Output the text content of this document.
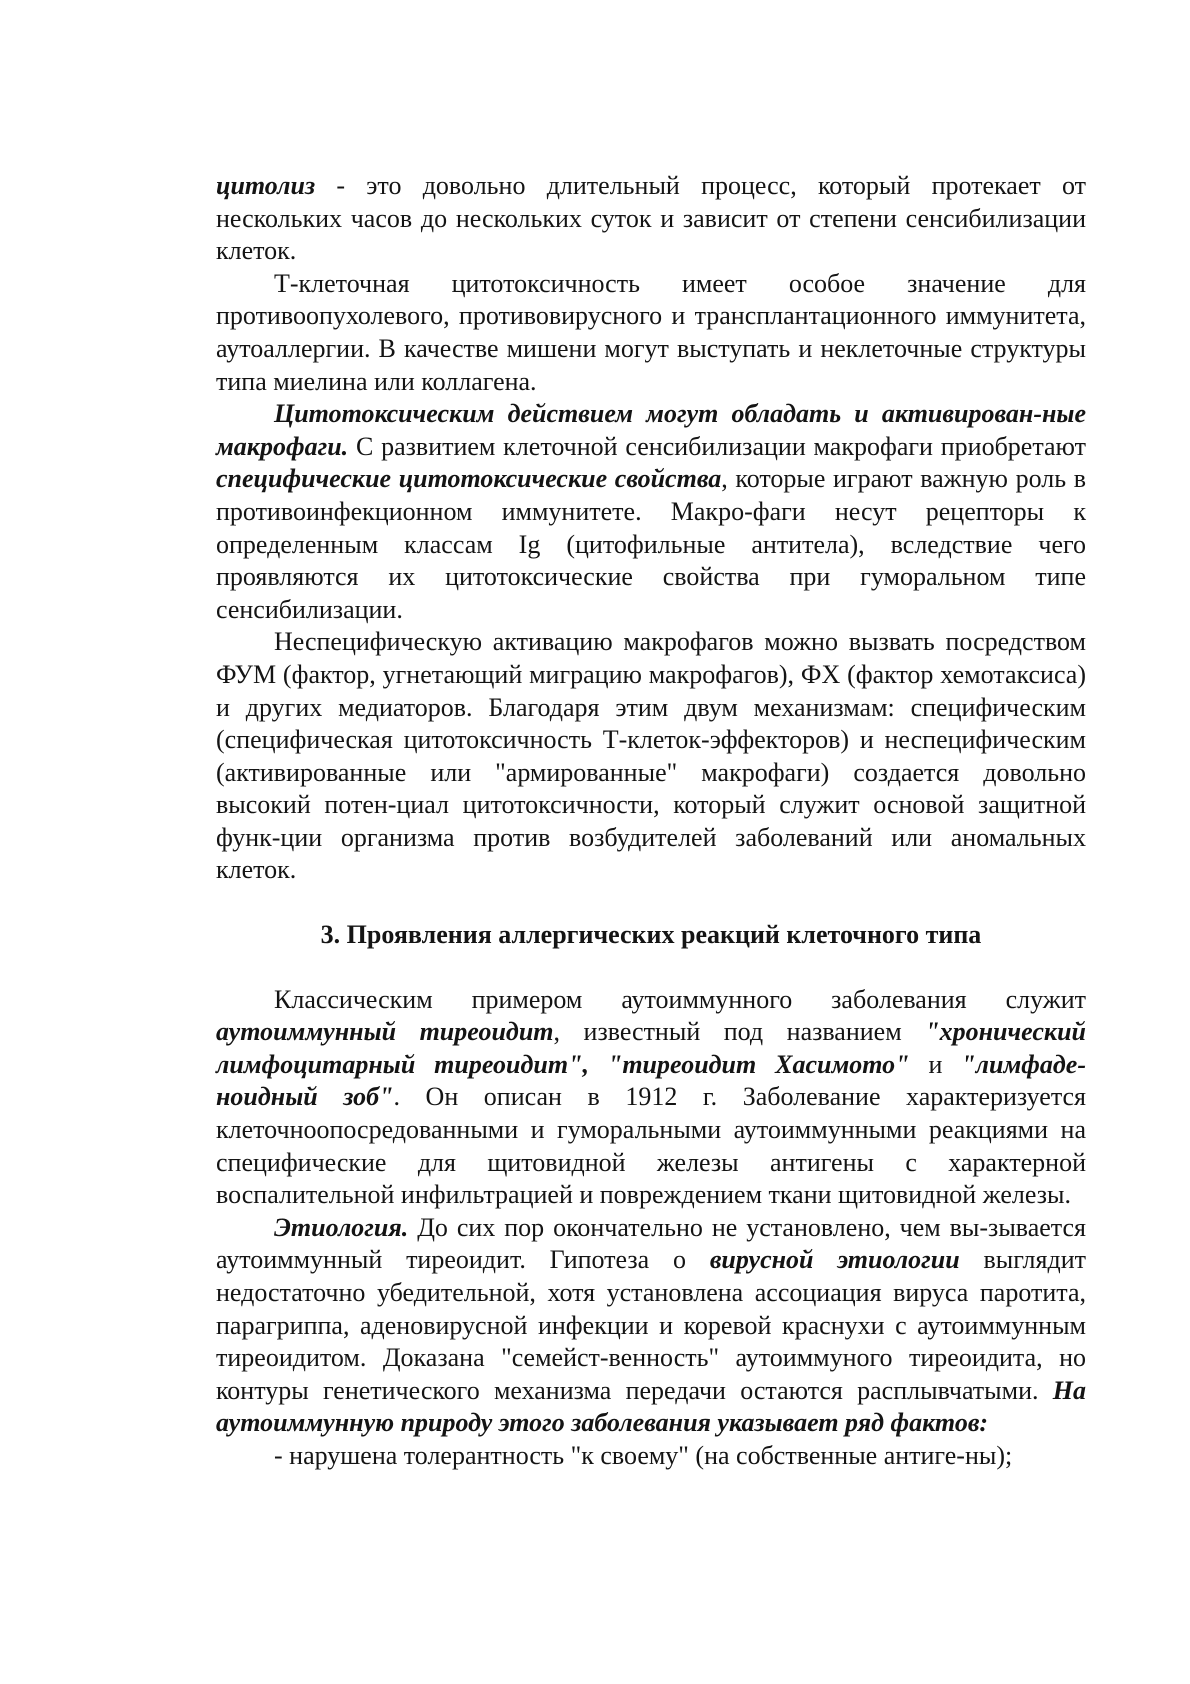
цитолиз - это довольно длительный процесс, который протекает от нескольких часов до нескольких суток и зависит от степени сенсибилизации клеток.

Т-клеточная цитотоксичность имеет особое значение для противоопухолевого, противовирусного и трансплантационного иммунитета, аутоаллергии. В качестве мишени могут выступать и неклеточные структуры типа миелина или коллагена.

Цитотоксическим действием могут обладать и активирован-ные макрофаги. С развитием клеточной сенсибилизации макрофаги приобретают специфические цитотоксические свойства, которые играют важную роль в противоинфекционном иммунитете. Макро-фаги несут рецепторы к определенным классам Ig (цитофильные антитела), вследствие чего проявляются их цитотоксические свойства при гуморальном типе сенсибилизации.

Неспецифическую активацию макрофагов можно вызвать посредством ФУМ (фактор, угнетающий миграцию макрофагов), ФХ (фактор хемотаксиса) и других медиаторов. Благодаря этим двум механизмам: специфическим (специфическая цитотоксичность Т-клеток-эффекторов) и неспецифическим (активированные или "армированные" макрофаги) создается довольно высокий потен-циал цитотоксичности, который служит основой защитной функ-ции организма против возбудителей заболеваний или аномальных клеток.

3. Проявления аллергических реакций клеточного типа

Классическим примером аутоиммунного заболевания служит аутоиммунный тиреоидит, известный под названием "хронический лимфоцитарный тиреоидит", "тиреоидит Хасимото" и "лимфаде-ноидный зоб". Он описан в 1912 г. Заболевание характеризуется клеточноопосредованными и гуморальными аутоиммунными реакциями на специфические для щитовидной железы антигены с характерной воспалительной инфильтрацией и повреждением ткани щитовидной железы.

Этиология. До сих пор окончательно не установлено, чем вы-зывается аутоиммунный тиреоидит. Гипотеза о вирусной этиологии выглядит недостаточно убедительной, хотя установлена ассоциация вируса паротита, парагриппа, аденовирусной инфекции и коревой краснухи с аутоиммунным тиреоидитом. Доказана "семейст-венность" аутоиммуного тиреоидита, но контуры генетического механизма передачи остаются расплывчатыми. На аутоиммунную природу этого заболевания указывает ряд фактов:

- нарушена толерантность "к своему" (на собственные антиге-ны);
